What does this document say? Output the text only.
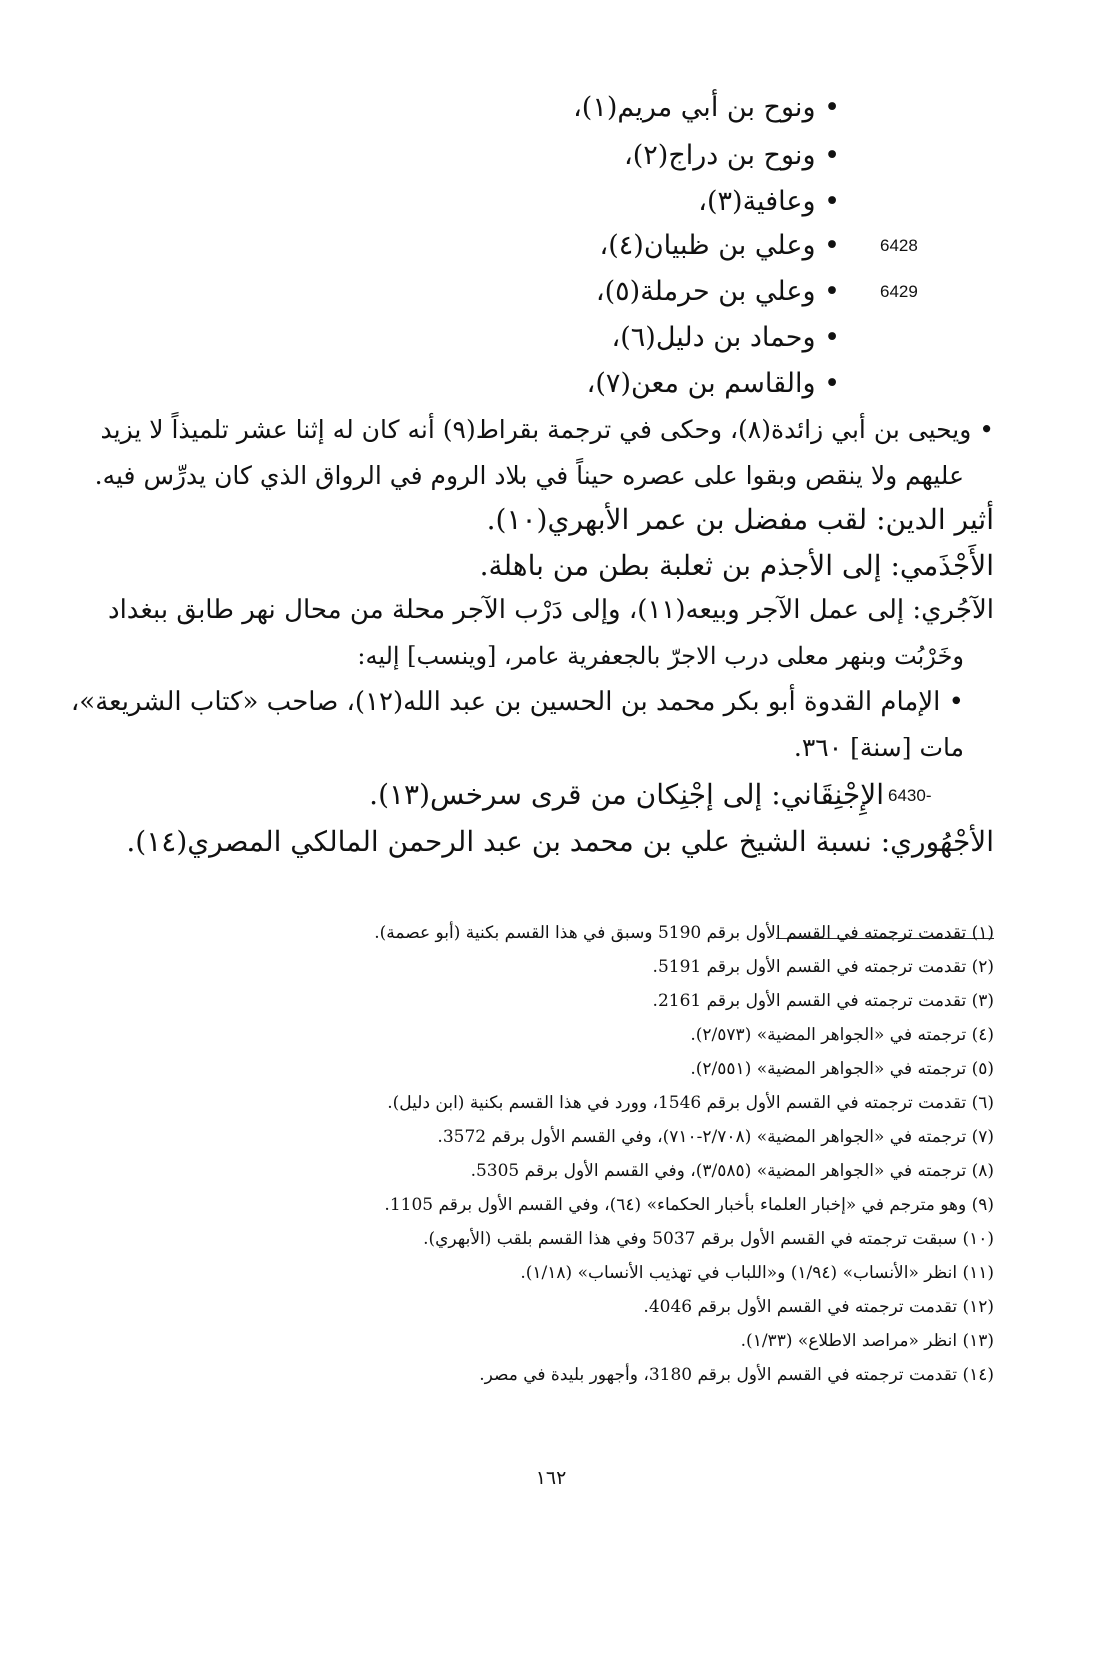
• ونوح بن أبي مريم(١)،
• ونوح بن دراج(٢)،
• وعافية(٣)،
• وعلي بن ظبيان(٤)، 6428
• وعلي بن حرملة(٥)، 6429
• وحماد بن دليل(٦)،
• والقاسم بن معن(٧)،
• ويحيى بن أبي زائدة(٨)، وحكى في ترجمة بقراط(٩) أنه كان له إثنا عشر تلميذاً لا يزيد
عليهم ولا ينقص وبقوا على عصره حيناً في بلاد الروم في الرواق الذي كان يدرِّس فيه.
أثير الدين: لقب مفضل بن عمر الأبهري(١٠).
الأَجْذَمي: إلى الأجذم بن ثعلبة بطن من باهلة.
الآجُري: إلى عمل الآجر وبيعه(١١)، وإلى دَرْب الآجر محلة من محال نهر طابق ببغداد
وخَرْبُت وبنهر معلى درب الاجرّ بالجعفرية عامر، [وينسب] إليه:
• الإمام القدوة أبو بكر محمد بن الحسين بن عبد الله(١٢)، صاحب «كتاب الشريعة»،
مات [سنة] ٣٦٠.
6430-
الإِجْنِقَاني: إلى إجْنِكان من قرى سرخس(١٣).
الأجْهُوري: نسبة الشيخ علي بن محمد بن عبد الرحمن المالكي المصري(١٤).
(١) تقدمت ترجمته في القسم الأول برقم 5190 وسبق في هذا القسم بكنية (أبو عصمة).
(٢) تقدمت ترجمته في القسم الأول برقم 5191.
(٣) تقدمت ترجمته في القسم الأول برقم 2161.
(٤) ترجمته في «الجواهر المضية» (٢/٥٧٣).
(٥) ترجمته في «الجواهر المضية» (٢/٥٥١).
(٦) تقدمت ترجمته في القسم الأول برقم 1546، وورد في هذا القسم بكنية (ابن دليل).
(٧) ترجمته في «الجواهر المضية» (٢/٧٠٨-٧١٠)، وفي القسم الأول برقم 3572.
(٨) ترجمته في «الجواهر المضية» (٣/٥٨٥)، وفي القسم الأول برقم 5305.
(٩) وهو مترجم في «إخبار العلماء بأخبار الحكماء» (٦٤)، وفي القسم الأول برقم 1105.
(١٠) سبقت ترجمته في القسم الأول برقم 5037 وفي هذا القسم بلقب (الأبهري).
(١١) انظر «الأنساب» (١/٩٤) و«اللباب في تهذيب الأنساب» (١/١٨).
(١٢) تقدمت ترجمته في القسم الأول برقم 4046.
(١٣) انظر «مراصد الاطلاع» (١/٣٣).
(١٤) تقدمت ترجمته في القسم الأول برقم 3180، وأجهور بليدة في مصر.
١٦٢
